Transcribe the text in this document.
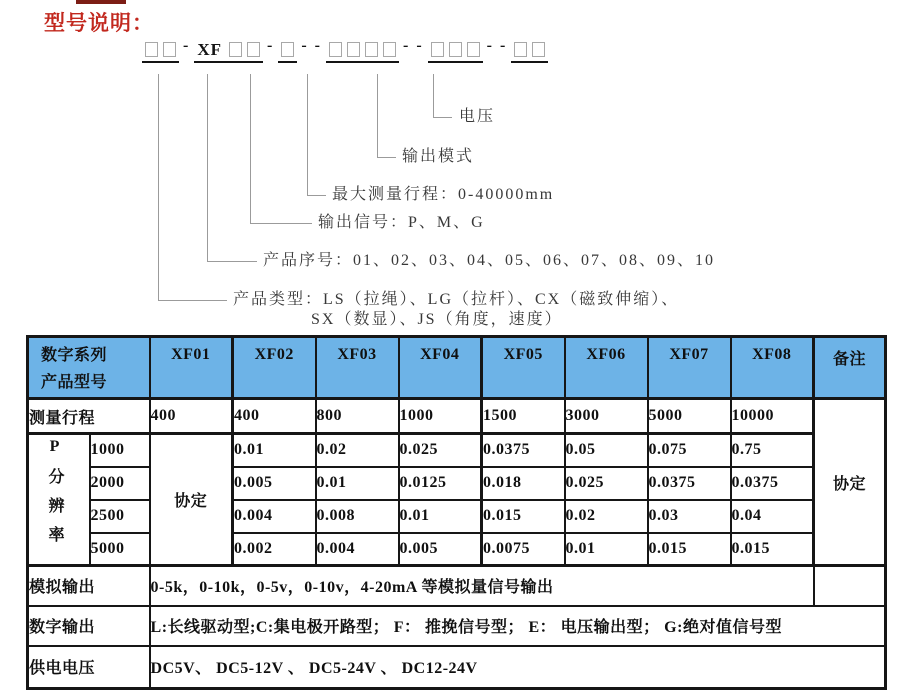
型号说明：
- XF	- - -	- -	- -
电压
输出模式
最大测量行程：0-40000mm
输出信号：P、M、G
产品序号：01、02、03、04、05、06、07、08、09、10
产品类型：LS（拉绳）、LG（拉杆）、CX（磁致伸缩）、
SX（数显）、JS（角度，速度）
数字系列
产品型号		XF01	XF02	XF03	XF04	XF05	XF06	XF07	XF08	备注
测量行程		400	400	800	1000	1500	3000	5000	10000	协定

P分辨率	1000	协定	0.01	0.02	0.025	0.0375	0.05	0.075	0.75	
	2000		0.005	0.01	0.0125	0.018	0.025	0.0375	0.0375	
	2500		0.004	0.008	0.01	0.015	0.02	0.03	0.04	
	5000		0.002	0.004	0.005	0.0075	0.01	0.015	0.015	
模拟输出		0-5k，0-10k，0-5v，0-10v，4-20mA 等模拟量信号输出								
数字输出		L:长线驱动型;C:集电极开路型； F： 推挽信号型； E： 电压输出型； G:绝对值信号型								
供电电压		DC5V、 DC5-12V 、 DC5-24V 、 DC12-24V								
